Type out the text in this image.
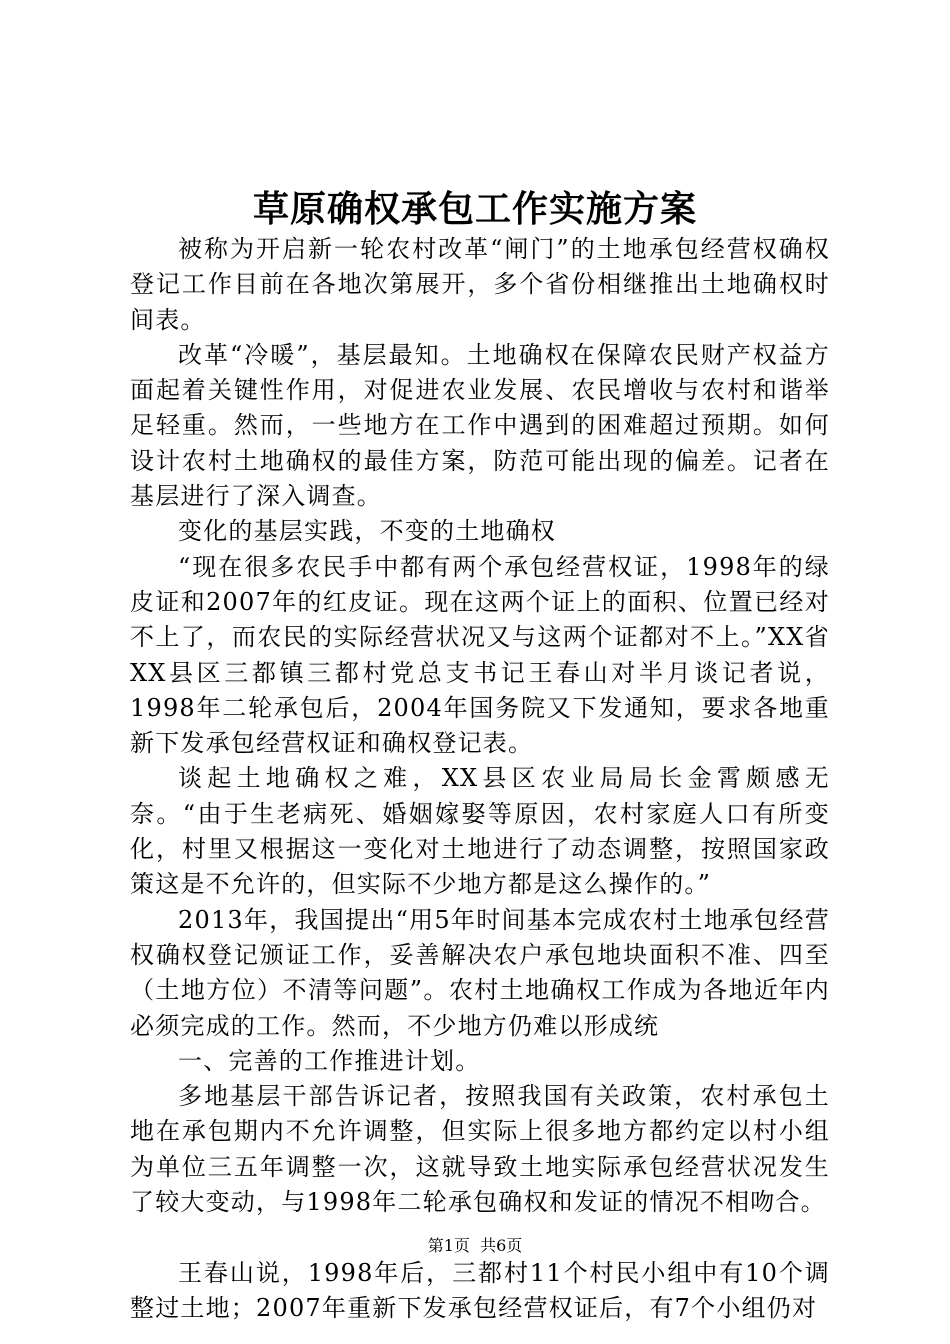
草原确权承包工作实施方案

被称为开启新一轮农村改革“闸门”的土地承包经营权确权登记工作目前在各地次第展开，多个省份相继推出土地确权时间表。

改革“冷暖”，基层最知。土地确权在保障农民财产权益方面起着关键性作用，对促进农业发展、农民增收与农村和谐举足轻重。然而，一些地方在工作中遇到的困难超过预期。如何设计农村土地确权的最佳方案，防范可能出现的偏差。记者在基层进行了深入调查。

变化的基层实践，不变的土地确权

“现在很多农民手中都有两个承包经营权证，1998年的绿皮证和2007年的红皮证。现在这两个证上的面积、位置已经对不上了，而农民的实际经营状况又与这两个证都对不上。”XX省XX县区三都镇三都村党总支书记王春山对半月谈记者说，1998年二轮承包后，2004年国务院又下发通知，要求各地重新下发承包经营权证和确权登记表。

谈起土地确权之难，XX县区农业局局长金霄颇感无奈。“由于生老病死、婚姻嫁娶等原因，农村家庭人口有所变化，村里又根据这一变化对土地进行了动态调整，按照国家政策这是不允许的，但实际不少地方都是这么操作的。”

2013年，我国提出“用5年时间基本完成农村土地承包经营权确权登记颁证工作，妥善解决农户承包地块面积不准、四至（土地方位）不清等问题”。农村土地确权工作成为各地近年内必须完成的工作。然而，不少地方仍难以形成统

一、完善的工作推进计划。

多地基层干部告诉记者，按照我国有关政策，农村承包土地在承包期内不允许调整，但实际上很多地方都约定以村小组为单位三五年调整一次，这就导致土地实际承包经营状况发生了较大变动，与1998年二轮承包确权和发证的情况不相吻合。

王春山说，1998年后，三都村11个村民小组中有10个调整过土地；2007年重新下发承包经营权证后，有7个小组仍对

第1页  共6页
